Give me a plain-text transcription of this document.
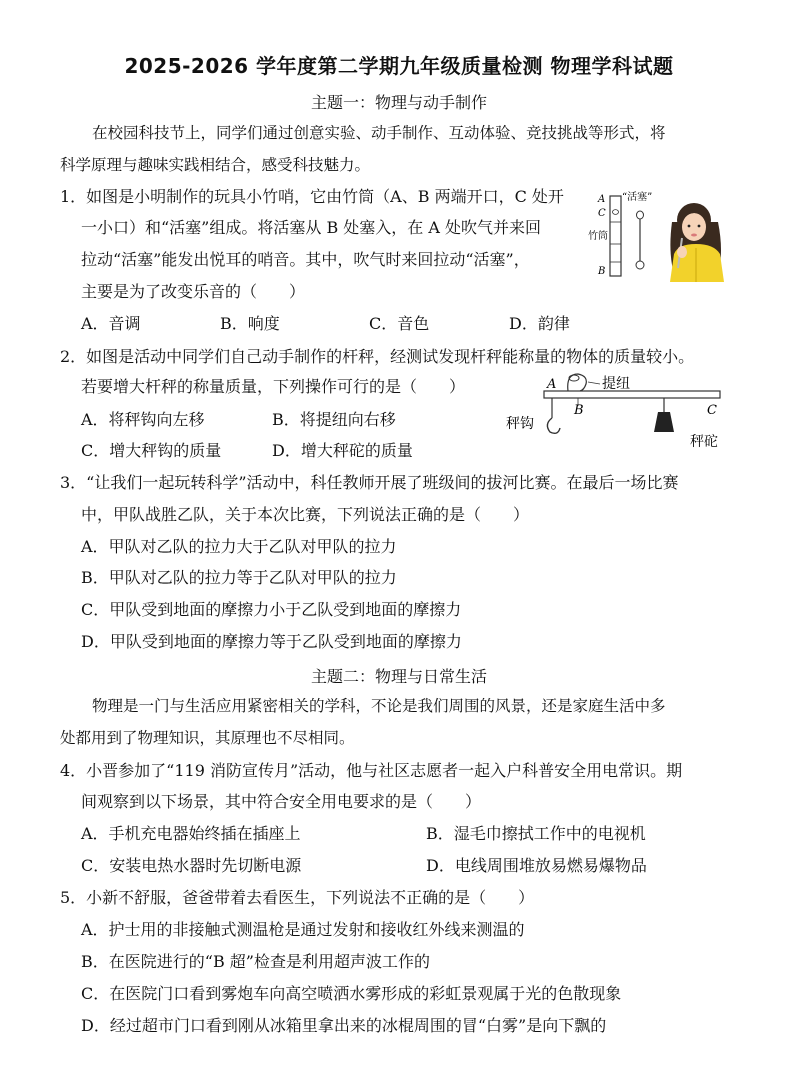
2025-2026 学年度第二学期九年级质量检测 物理学科试题
主题一：物理与动手制作
在校园科技节上，同学们通过创意实验、动手制作、互动体验、竞技挑战等形式，将
科学原理与趣味实践相结合，感受科技魅力。
1．如图是小明制作的玩具小竹哨，它由竹筒（A、B 两端开口，C 处开
一小口）和“活塞”组成。将活塞从 B 处塞入，在 A 处吹气并来回
拉动“活塞”能发出悦耳的哨音。其中，吹气时来回拉动“活塞”，
主要是为了改变乐音的（　　）
A．音调	B．响度	C．音色	D．韵律
A
C
竹筒
B
“活塞”
2．如图是活动中同学们自己动手制作的杆秤，经测试发现杆秤能称量的物体的质量较小。
若要增大杆秤的称量质量，下列操作可行的是（　　）
A．将秤钩向左移	B．将提纽向右移
C．增大秤钩的质量	D．增大秤砣的质量
A
B	C
提纽
秤钩
秤砣
3．“让我们一起玩转科学”活动中，科任教师开展了班级间的拔河比赛。在最后一场比赛
中，甲队战胜乙队，关于本次比赛，下列说法正确的是（　　）
A．甲队对乙队的拉力大于乙队对甲队的拉力
B．甲队对乙队的拉力等于乙队对甲队的拉力
C．甲队受到地面的摩擦力小于乙队受到地面的摩擦力
D．甲队受到地面的摩擦力等于乙队受到地面的摩擦力
主题二：物理与日常生活
物理是一门与生活应用紧密相关的学科，不论是我们周围的风景，还是家庭生活中多
处都用到了物理知识，其原理也不尽相同。
4．小晋参加了“119 消防宣传月”活动，他与社区志愿者一起入户科普安全用电常识。期
间观察到以下场景，其中符合安全用电要求的是（　　）
A．手机充电器始终插在插座上	B．湿毛巾擦拭工作中的电视机
C．安装电热水器时先切断电源	D．电线周围堆放易燃易爆物品
5．小新不舒服，爸爸带着去看医生，下列说法不正确的是（　　）
A．护士用的非接触式测温枪是通过发射和接收红外线来测温的
B．在医院进行的“B 超”检查是利用超声波工作的
C．在医院门口看到雾炮车向高空喷洒水雾形成的彩虹景观属于光的色散现象
D．经过超市门口看到刚从冰箱里拿出来的冰棍周围的冒“白雾”是向下飘的
